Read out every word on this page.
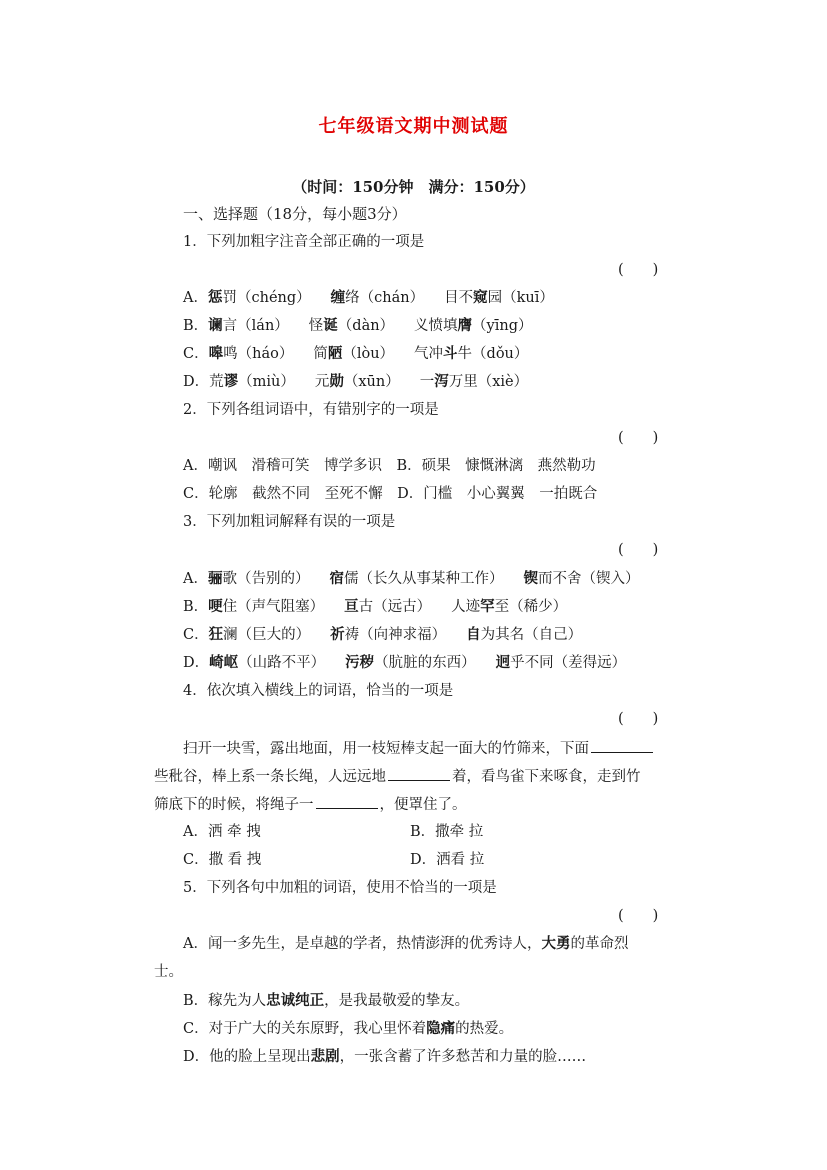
七年级语文期中测试题
（时间：150分钟　满分：150分）
一、选择题（18分，每小题3分）
1．下列加粗字注音全部正确的一项是
(　　)
A．惩罚（chéng） 缠络（chán） 目不窥园（kuī）
B．谰言（lán） 怪诞（dàn） 义愤填膺（yīng）
C．嗥鸣（háo） 简陋（lòu） 气冲斗牛（dǒu）
D．荒谬（miù） 元勋（xūn） 一泻万里（xiè）
2．下列各组词语中，有错别字的一项是
(　　)
A．嘲讽　滑稽可笑　博学多识　B．硕果　慷慨淋漓　燕然勒功
C．轮廓　截然不同　至死不懈　D．门槛　小心翼翼　一拍既合
3．下列加粗词解释有误的一项是
(　　)
A．骊歌（告别的） 宿儒（长久从事某种工作） 锲而不舍（锲入）
B．哽住（声气阻塞） 亘古（远古） 人迹罕至（稀少）
C．狂澜（巨大的） 祈祷（向神求福） 自为其名（自己）
D．崎岖（山路不平） 污秽（肮脏的东西） 迥乎不同（差得远）
4．依次填入横线上的词语，恰当的一项是
(　　)
扫开一块雪，露出地面，用一枝短棒支起一面大的竹筛来，下面
些秕谷，棒上系一条长绳，人远远地	着，看鸟雀下来啄食，走到竹
筛底下的时候，将绳子一	，便罩住了。
A．洒 牵 拽	B．撒牵 拉
C．撒 看 拽	D．洒看 拉
5．下列各句中加粗的词语，使用不恰当的一项是
(　　)
A．闻一多先生，是卓越的学者，热情澎湃的优秀诗人，大勇的革命烈
士。
B．稼先为人忠诚纯正，是我最敬爱的挚友。
C．对于广大的关东原野，我心里怀着隐痛的热爱。
D．他的脸上呈现出悲剧，一张含蓄了许多愁苦和力量的脸……
